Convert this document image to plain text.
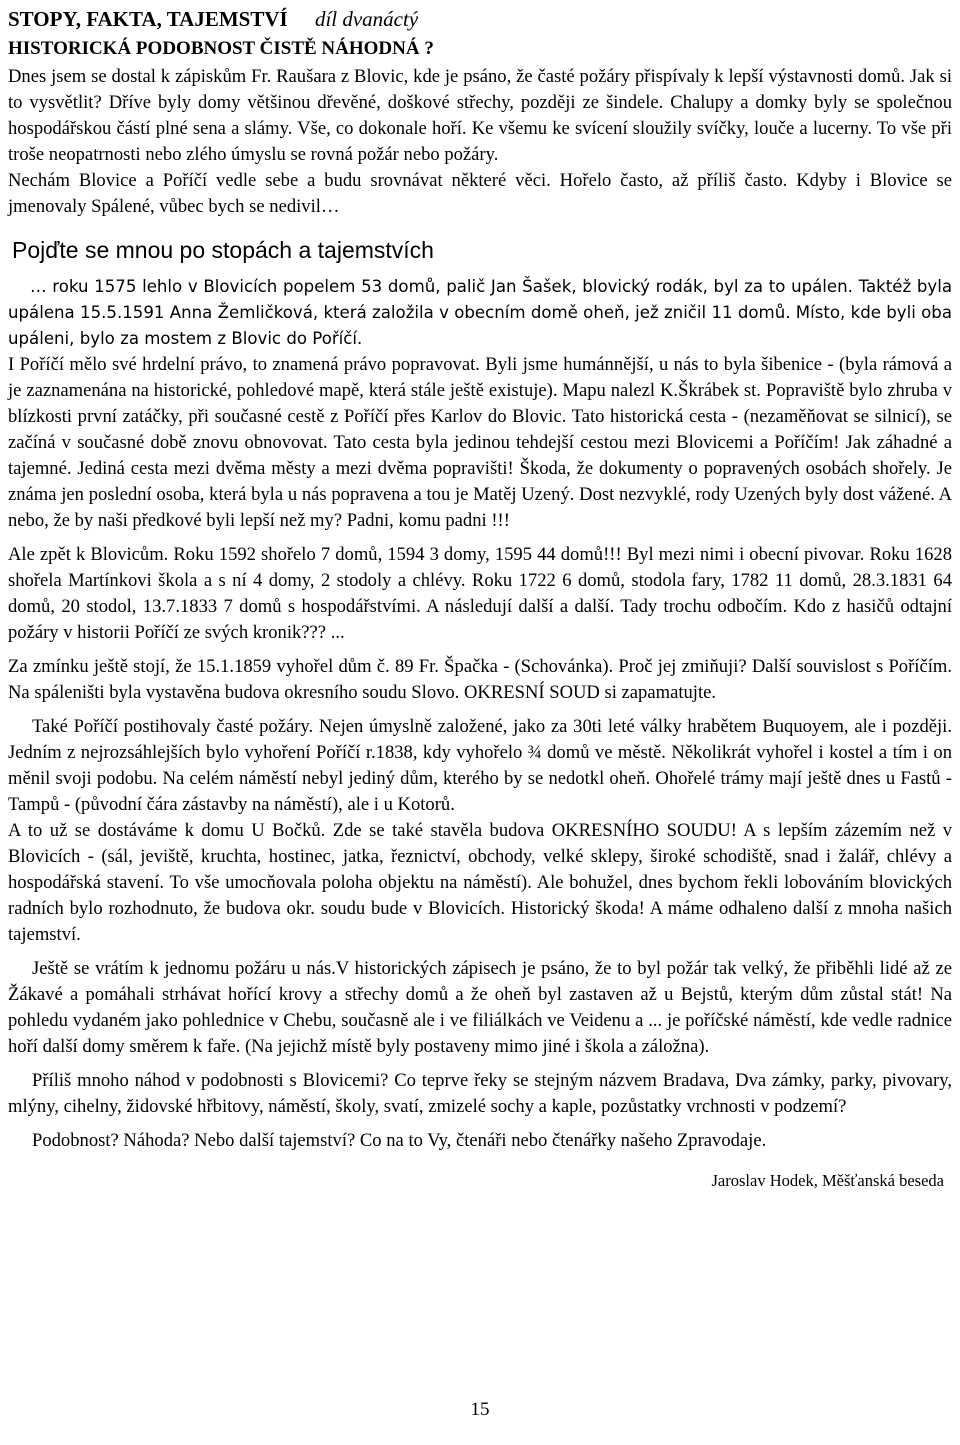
STOPY, FAKTA, TAJEMSTVÍ díl dvanáctý

HISTORICKÁ PODOBNOST ČISTĚ NÁHODNÁ ?

Dnes jsem se dostal k zápiskům Fr. Raušara z Blovic, kde je psáno, že časté požáry přispívaly k lepší výstavnosti domů. Jak si to vysvětlit? Dříve byly domy většinou dřevěné, doškové střechy, později ze šindele. Chalupy a domky byly se společnou hospodářskou částí plné sena a slámy. Vše, co dokonale hoří. Ke všemu ke svícení sloužily svíčky, louče a lucerny. To vše při troše neopatrnosti nebo zlého úmyslu se rovná požár nebo požáry.

Nechám Blovice a Poříčí vedle sebe a budu srovnávat některé věci. Hořelo často, až příliš často. Kdyby i Blovice se jmenovaly Spálené, vůbec bych se nedivil…

Pojďte se mnou po stopách a tajemstvích

… roku 1575 lehlo v Blovicích popelem 53 domů, palič Jan Šašek, blovický rodák, byl za to upálen. Taktéž byla upálena 15.5.1591 Anna Žemličková, která založila v obecním domě oheň, jež zničil 11 domů. Místo, kde byli oba upáleni, bylo za mostem z Blovic do Poříčí.

I Poříčí mělo své hrdelní právo, to znamená právo popravovat. Byli jsme humánnější, u nás to byla šibenice - (byla rámová a je zaznamenána na historické, pohledové mapě, která stále ještě existuje). Mapu nalezl K.Škrábek st. Popraviště bylo zhruba v blízkosti první zatáčky, při současné cestě z Poříčí přes Karlov do Blovic. Tato historická cesta - (nezaměňovat se silnicí), se začíná v současné době znovu obnovovat. Tato cesta byla jedinou tehdejší cestou mezi Blovicemi a Poříčím! Jak záhadné a tajemné. Jediná cesta mezi dvěma městy a mezi dvěma popravišti! Škoda, že dokumenty o popravených osobách shořely. Je známa jen poslední osoba, která byla u nás popravena a tou je Matěj Uzený. Dost nezvyklé, rody Uzených byly dost vážené. A nebo, že by naši předkové byli lepší než my? Padni, komu padni !!!

Ale zpět k Blovicům. Roku 1592 shořelo 7 domů, 1594 3 domy, 1595 44 domů!!! Byl mezi nimi i obecní pivovar. Roku 1628 shořela Martínkovi škola a s ní 4 domy, 2 stodoly a chlévy. Roku 1722 6 domů, stodola fary, 1782 11 domů, 28.3.1831 64 domů, 20 stodol, 13.7.1833 7 domů s hospodářstvími. A následují další a další. Tady trochu odbočím. Kdo z hasičů odtajní požáry v historii Poříčí ze svých kronik??? ...

Za zmínku ještě stojí, že 15.1.1859 vyhořel dům č. 89 Fr. Špačka - (Schovánka). Proč jej zmiňuji? Další souvislost s Poříčím. Na spáleništi byla vystavěna budova okresního soudu Slovo. OKRESNÍ SOUD si zapamatujte.

Také Poříčí postihovaly časté požáry. Nejen úmyslně založené, jako za 30ti leté války hrabětem Buquoyem, ale i později. Jedním z nejrozsáhlejších bylo vyhoření Poříčí r.1838, kdy vyhořelo ¾ domů ve městě. Několikrát vyhořel i kostel a tím i on měnil svoji podobu. Na celém náměstí nebyl jediný dům, kterého by se nedotkl oheň. Ohořelé trámy mají ještě dnes u Fastů - Tampů - (původní čára zástavby na náměstí), ale i u Kotorů.

A to už se dostáváme k domu U Bočků. Zde se také stavěla budova OKRESNÍHO SOUDU! A s lepším zázemím než v Blovicích - (sál, jeviště, kruchta, hostinec, jatka, řeznictví, obchody, velké sklepy, široké schodiště, snad i žalář, chlévy a hospodářská stavení. To vše umocňovala poloha objektu na náměstí). Ale bohužel, dnes bychom řekli lobováním blovických radních bylo rozhodnuto, že budova okr. soudu bude v Blovicích. Historický škoda! A máme odhaleno další z mnoha našich tajemství.

Ještě se vrátím k jednomu požáru u nás.V historických zápisech je psáno, že to byl požár tak velký, že přiběhli lidé až ze Žákavé a pomáhali strhávat hořící krovy a střechy domů a že oheň byl zastaven až u Bejstů, kterým dům zůstal stát! Na pohledu vydaném jako pohlednice v Chebu, současně ale i ve filiálkách ve Veidenu a ... je poříčské náměstí, kde vedle radnice hoří další domy směrem k faře. (Na jejichž místě byly postaveny mimo jiné i škola a záložna).

Příliš mnoho náhod v podobnosti s Blovicemi? Co teprve řeky se stejným názvem Bradava, Dva zámky, parky, pivovary, mlýny, cihelny, židovské hřbitovy, náměstí, školy, svatí, zmizelé sochy a kaple, pozůstatky vrchnosti v podzemí?

Podobnost? Náhoda? Nebo další tajemství? Co na to Vy, čtenáři nebo čtenářky našeho Zpravodaje.

Jaroslav Hodek, Měšťanská beseda
15
